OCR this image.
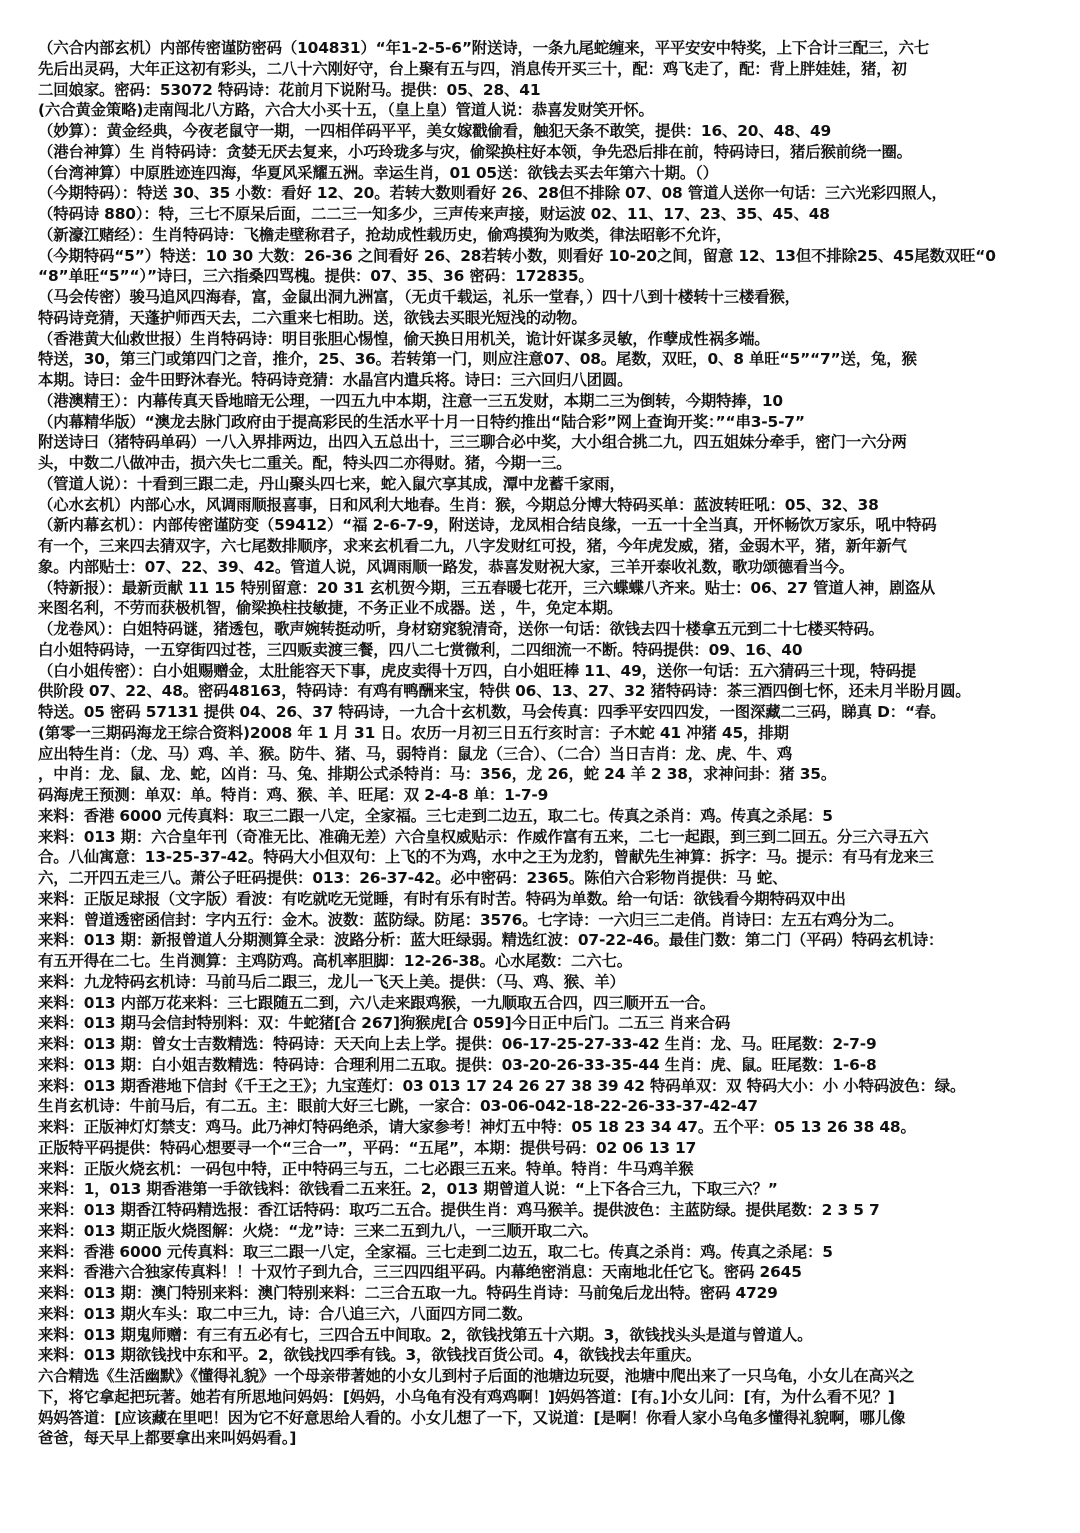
（六合内部玄机）内部传密谨防密码（104831）“年1-2-5-6”附送诗，一条九尾蛇缠来，平平安安中特奖，上下合计三配三，六七
先后出灵码，大年正这初有彩头，二八十六刚好守，台上聚有五与四，消息传开买三十，配：鸡飞走了，配：背上胖娃娃，猪，初
二回娘家。密码：53072 特码诗：花前月下说附马。提供：05、28、41
(六合黄金策略)走南闯北八方路，六合大小买十五，（皇上皇）管道人说：恭喜发财笑开怀。
（妙算）：黄金经典，今夜老鼠守一期，一四相佯码平平，美女嫁戳偷看，触犯天条不敢笑，提供：16、20、48、49
（港台神算）生 肖特码诗：贪婪无厌去复来，小巧玲珑多与灾，偷梁换柱好本领，争先恐后排在前，特码诗曰，猪后猴前绕一圈。
（台湾神算）中原胜迹连四海，华夏风采耀五洲。幸运生肖，01 05送：欲钱去买去年第六十期。（）
（今期特码）：特送 30、35 小数：看好 12、20。若转大数则看好 26、28但不排除 07、08 管道人送你一句话：三六光彩四照人，
（特码诗 880）：特，三七不原呆后面，二二三一知多少，三声传来声接，财运波 02、11、17、23、35、45、48
（新濠江赌经）：生肖特码诗：飞檐走壁称君子，抢劫成性载历史，偷鸡摸狗为败类，律法昭彰不允许，
（今期特码“5”）特送：10 30 大数：26-36 之间看好 26、28若转小数，则看好 10-20之间，留意 12、13但不排除25、45尾数双旺“0
“8”单旺“5”“）”诗曰，三六指桑四骂槐。提供：07、35、36 密码：172835。
（马会传密）骏马追风四海春，富，金鼠出洞九洲富，（无贞千载运，礼乐一堂春，）四十八到十楼转十三楼看猴，
特码诗竞猜，天蓬护师西天去，二六重来七相助。送，欲钱去买眼光短浅的动物。
（香港黄大仙救世报）生肖特码诗：明目张胆心惕惶，偷天换日用机关，诡计奸谋多灵敏，作孽成性祸多端。
特送，30，第三门或第四门之音，推介，25、36。若转第一门，则应注意07、08。尾数，双旺，0、8 单旺“5”“7”送，兔，猴
本期。诗曰：金牛田野沐春光。特码诗竞猜：水晶宫内遣兵将。诗曰：三六回归八团圆。
（港澳精王）：内幕传真天昏地暗无公理，一四五九中本期，注意一三五发财，本期二三为倒转，今期特捧，10
（内幕精华版）“澳龙去脉门政府由于提高彩民的生活水平十月一日特约推出“陆合彩”网上查询开奖：”“串3-5-7”
附送诗曰（猪特码单码）一八入界排两边，出四入五总出十，三三聊合必中奖，大小组合挑二九，四五姐妹分牵手，密门一六分两
头，中数二八做冲击，损六失七二重关。配，特头四二亦得财。猪，今期一三。
（管道人说）：十看到三跟二走，丹山聚头四七来，蛇入鼠穴享其成，潭中龙蓄千家雨，
（心水玄机）内部心水，风调雨顺报喜事，日和风利大地春。生肖：猴，今期总分博大特码买单：蓝波转旺吼：05、32、38
（新内幕玄机）：内部传密谨防变（59412）“福 2-6-7-9，附送诗，龙凤相合结良缘，一五一十全当真，开怀畅饮万家乐，吼中特码
有一个，三来四去猜双字，六七尾数排顺序，求来玄机看二九，八字发财红可投，猪，今年虎发威，猪，金弱木平，猪，新年新气
象。内部贴士：07、22、39、42。管道人说，风调雨顺一路发，恭喜发财祝大家，三羊开泰收礼数，歌功颂德看当今。
（特新报）：最新贡献 11 15 特别留意：20 31 玄机贺今期，三五春暖七花开，三六蝶蝶八齐来。贴士：06、27 管道人神，剧盗从
来图名利，不劳而获极机智，偷梁换柱技敏捷，不务正业不成器。送 ，牛，免定本期。
（龙卷风）：白姐特码谜，猪透包，歌声婉转挺动听，身材窈窕貌清奇，送你一句话：欲钱去四十楼拿五元到二十七楼买特码。
白小姐特码诗，一五穿街四过苍，三四贩卖渡三餐，四八二七赏微利，二四细流一不断。特码提供：09、16、40
（白小姐传密）：白小姐赐赠金，太肚能容天下事，虎皮卖得十万四，白小姐旺棒 11、49，送你一句话：五六猜码三十现，特码提
供阶段 07、22、48。密码48163，特码诗：有鸡有鸭酬来宝，特供 06、13、27、32 猪特码诗：茶三酒四倒七怀，还未月半盼月圆。
特送。05 密码 57131 提供 04、26、37 特码诗，一九合十玄机数，马会传真：四季平安四四发，一图深藏二三码，睇真 D：“春。
(第零一三期码海龙王综合资料)2008 年 1 月 31 日。农历一月初三日五行亥时言：子木蛇 41 冲猪 45，排期
应出特生肖：（龙、马）鸡、羊、猴。防牛、猪、马，弱特肖：鼠龙（三合）、（二合）当日吉肖：龙、虎、牛、鸡
，中肖：龙、鼠、龙、蛇，凶肖：马、兔、排期公式杀特肖：马：356，龙 26，蛇 24 羊 2 38，求神问卦：猪 35。
码海虎王预测：单双：单。特肖：鸡、猴、羊、旺尾：双 2-4-8 单：1-7-9
来料：香港 6000 元传真料：取三二跟一八定，全家福。三七走到二边五，取二七。传真之杀肖：鸡。传真之杀尾：5
来料：013 期：六合皇年刊（奇准无比、准确无差）六合皇权威贴示：作威作富有五来，二七一起跟，到三到二回五。分三六寻五六
合。八仙寓意：13-25-37-42。特码大小但双句：上飞的不为鸡，水中之王为龙豹，曾献先生神算：拆字：马。提示：有马有龙来三
六，二开四五走三八。萧公子旺码提供：013：26-37-42。必中密码：2365。陈伯六合彩物肖提供：马 蛇、
来料：正版足球报（文字版）看波：有吃就吃无觉睡，有时有乐有时苦。特码为单数。给一句话：欲钱看今期特码双中出
来料：曾道透密函信封：字内五行：金木。波数：蓝防绿。防尾：3576。七字诗：一六归三二走俏。肖诗曰：左五右鸡分为二。
来料：013 期：新报曾道人分期测算全录：波路分析：蓝大旺绿弱。精选红波：07-22-46。最佳门数：第二门（平码）特码玄机诗：
有五开得在二七。生肖测算：主鸡防鸡。高机率胆脚：12-26-38。心水尾数：二六七。
来料：九龙特码玄机诗：马前马后二跟三，龙儿一飞天上美。提供：（马、鸡、猴、羊）
来料：013 内部万花来料：三七跟随五二到，六八走来跟鸡猴，一九顺取五合四，四三顺开五一合。
来料：013 期马会信封特别料：双：牛蛇猪[合 267]狗猴虎[合 059]今日正中后门。二五三 肖来合码
来料：013 期：曾女士吉数精选：特码诗：天天向上去上学。提供：06-17-25-27-33-42 生肖：龙、马。旺尾数：2-7-9
来料：013 期：白小姐吉数精选：特码诗：合理利用二五取。提供：03-20-26-33-35-44 生肖：虎、鼠。旺尾数：1-6-8
来料：013 期香港地下信封《千王之王》；九宝莲灯：03 013 17 24 26 27 38 39 42 特码单双：双 特码大小：小 小特码波色：绿。
生肖玄机诗：牛前马后，有二五。主：眼前大好三七跳，一家合：03-06-042-18-22-26-33-37-42-47
来料：正版神灯灯禁支：鸡马。此乃神灯特码绝杀，请大家参考！神灯五中特：05 18 23 34 47。五个平：05 13 26 38 48。
正版特平码提供：特码心想要寻一个“三合一”，平码：“五尾”，本期：提供号码：02 06 13 17
来料：正版火烧玄机：一码包中特，正中特码三与五，二七必跟三五来。特单。特肖：牛马鸡羊猴
来料：1，013 期香港第一手欲钱料：欲钱看二五来狂。2，013 期曾道人说：“上下各合三九，下取三六？”
来料：013 期香江特码精选报：香江话特码：取巧二五合。提供生肖：鸡马猴羊。提供波色：主蓝防绿。提供尾数：2 3 5 7
来料：013 期正版火烧图解：火烧：“龙”诗：三来二五到九八，一三顺开取二六。
来料：香港 6000 元传真料：取三二跟一八定，全家福。三七走到二边五，取二七。传真之杀肖：鸡。传真之杀尾：5
来料：香港六合独家传真料！！十双竹子到九合，三三四四组平码。内幕绝密消息：天南地北任它飞。密码 2645
来料：013 期：澳门特别来料：澳门特别来料：二三合五取一九。特码生肖诗：马前兔后龙出特。密码 4729
来料：013 期火车头：取二中三九，诗：合八追三六，八面四方同二数。
来料：013 期鬼师赠：有三有五必有七，三四合五中间取。2，欲钱找第五十六期。3，欲钱找头头是道与曾道人。
来料：013 期欲钱找中东和平。2，欲钱找四季有钱。3，欲钱找百货公司。4，欲钱找去年重庆。
六合精选《生活幽默》《懂得礼貌》一个母亲带著她的小女儿到村子后面的池塘边玩耍，池塘中爬出来了一只乌龟，小女儿在高兴之
下，将它拿起把玩著。她若有所思地问妈妈：[妈妈，小乌龟有没有鸡鸡啊！]妈妈答道：[有。]小女儿问：[有，为什么看不见？]
妈妈答道：[应该藏在里吧！因为它不好意思给人看的。小女儿想了一下，又说道：[是啊！你看人家小乌龟多懂得礼貌啊，哪儿像
爸爸，每天早上都要拿出来叫妈妈看。]
